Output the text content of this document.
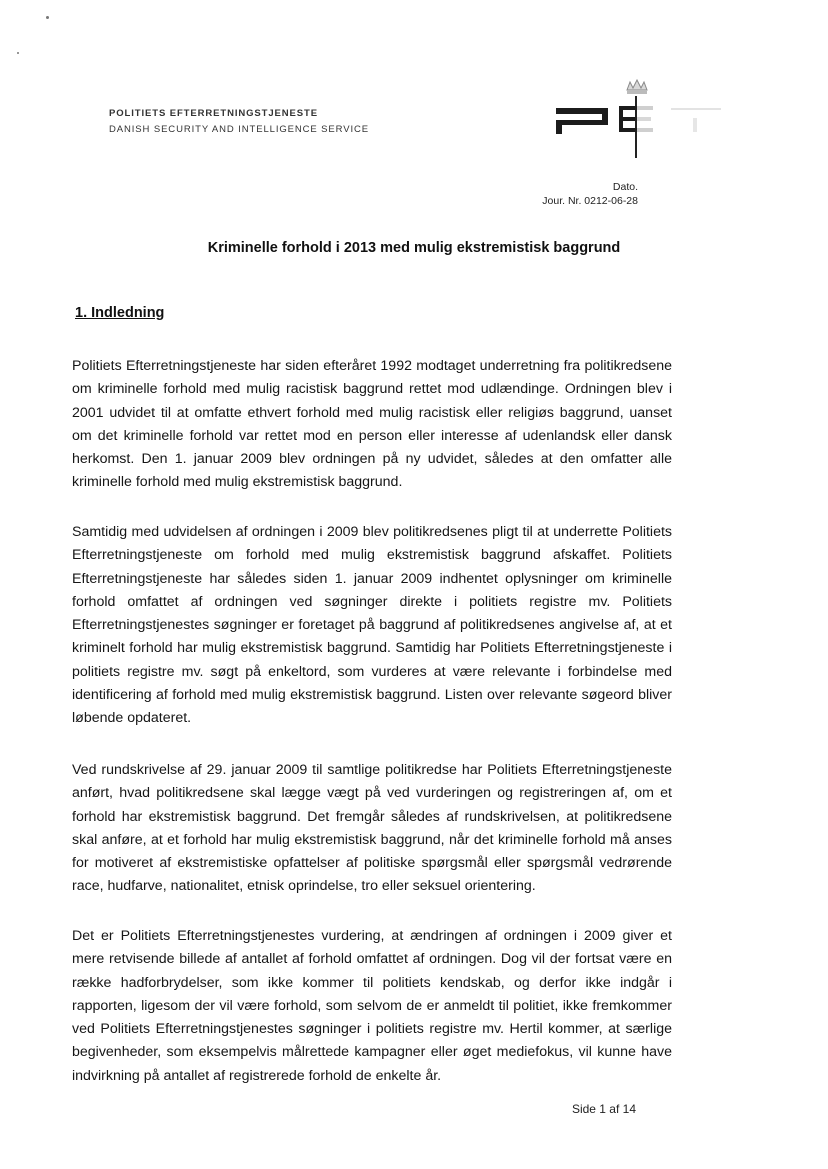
POLITIETS EFTERRETNINGSTJENESTE
DANISH SECURITY AND INTELLIGENCE SERVICE
Dato.
Jour. Nr. 0212-06-28
Kriminelle forhold i 2013 med mulig ekstremistisk baggrund
1. Indledning

Politiets Efterretningstjeneste har siden efteråret 1992 modtaget underretning fra politikredsene om kriminelle forhold med mulig racistisk baggrund rettet mod udlændinge. Ordningen blev i 2001 udvidet til at omfatte ethvert forhold med mulig racistisk eller religiøs baggrund, uanset om det kriminelle forhold var rettet mod en person eller interesse af udenlandsk eller dansk herkomst. Den 1. januar 2009 blev ordningen på ny udvidet, således at den omfatter alle kriminelle forhold med mulig ekstremistisk baggrund.

Samtidig med udvidelsen af ordningen i 2009 blev politikredsenes pligt til at underrette Politiets Efterretningstjeneste om forhold med mulig ekstremistisk baggrund afskaffet. Politiets Efterretningstjeneste har således siden 1. januar 2009 indhentet oplysninger om kriminelle forhold omfattet af ordningen ved søgninger direkte i politiets registre mv. Politiets Efterretningstjenestes søgninger er foretaget på baggrund af politikredsenes angivelse af, at et kriminelt forhold har mulig ekstremistisk baggrund. Samtidig har Politiets Efterretningstjeneste i politiets registre mv. søgt på enkeltord, som vurderes at være relevante i forbindelse med identificering af forhold med mulig ekstremistisk baggrund. Listen over relevante søgeord bliver løbende opdateret.

Ved rundskrivelse af 29. januar 2009 til samtlige politikredse har Politiets Efterretningstjeneste anført, hvad politikredsene skal lægge vægt på ved vurderingen og registreringen af, om et forhold har ekstremistisk baggrund. Det fremgår således af rundskrivelsen, at politikredsene skal anføre, at et forhold har mulig ekstremistisk baggrund, når det kriminelle forhold må anses for motiveret af ekstremistiske opfattelser af politiske spørgsmål eller spørgsmål vedrørende race, hudfarve, nationalitet, etnisk oprindelse, tro eller seksuel orientering.

Det er Politiets Efterretningstjenestes vurdering, at ændringen af ordningen i 2009 giver et mere retvisende billede af antallet af forhold omfattet af ordningen. Dog vil der fortsat være en række hadforbrydelser, som ikke kommer til politiets kendskab, og derfor ikke indgår i rapporten, ligesom der vil være forhold, som selvom de er anmeldt til politiet, ikke fremkommer ved Politiets Efterretningstjenestes søgninger i politiets registre mv. Hertil kommer, at særlige begivenheder, som eksempelvis målrettede kampagner eller øget mediefokus, vil kunne have indvirkning på antallet af registrerede forhold de enkelte år.

Side 1 af 14
